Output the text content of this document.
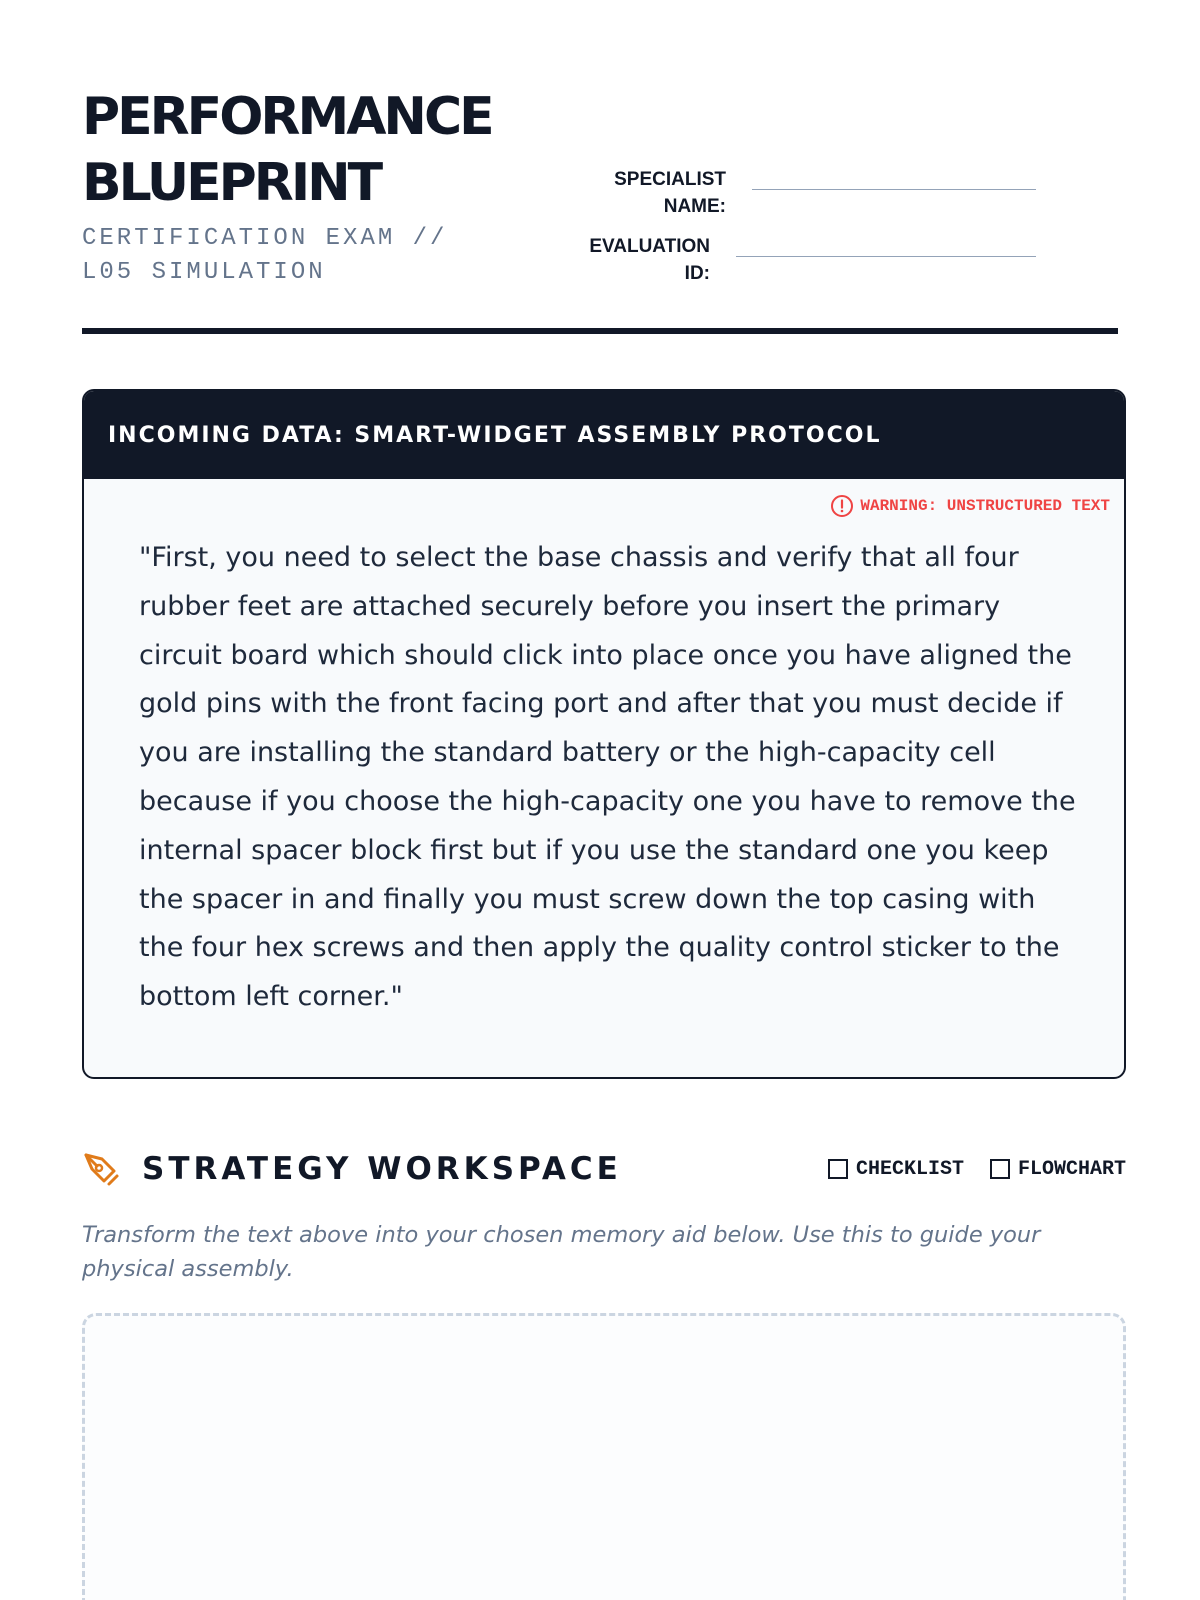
PERFORMANCE
BLUEPRINT
CERTIFICATION EXAM // L05 SIMULATION
SPECIALIST NAME:
EVALUATION ID:
INCOMING DATA: SMART-WIDGET ASSEMBLY PROTOCOL
WARNING: UNSTRUCTURED TEXT

"First, you need to select the base chassis and verify that all four rubber feet are attached securely before you insert the primary circuit board which should click into place once you have aligned the gold pins with the front facing port and after that you must decide if you are installing the standard battery or the high-capacity cell because if you choose the high-capacity one you have to remove the internal spacer block first but if you use the standard one you keep the spacer in and finally you must screw down the top casing with the four hex screws and then apply the quality control sticker to the bottom left corner."

STRATEGY WORKSPACE	CHECKLIST	FLOWCHART

Transform the text above into your chosen memory aid below. Use this to guide your physical assembly.
